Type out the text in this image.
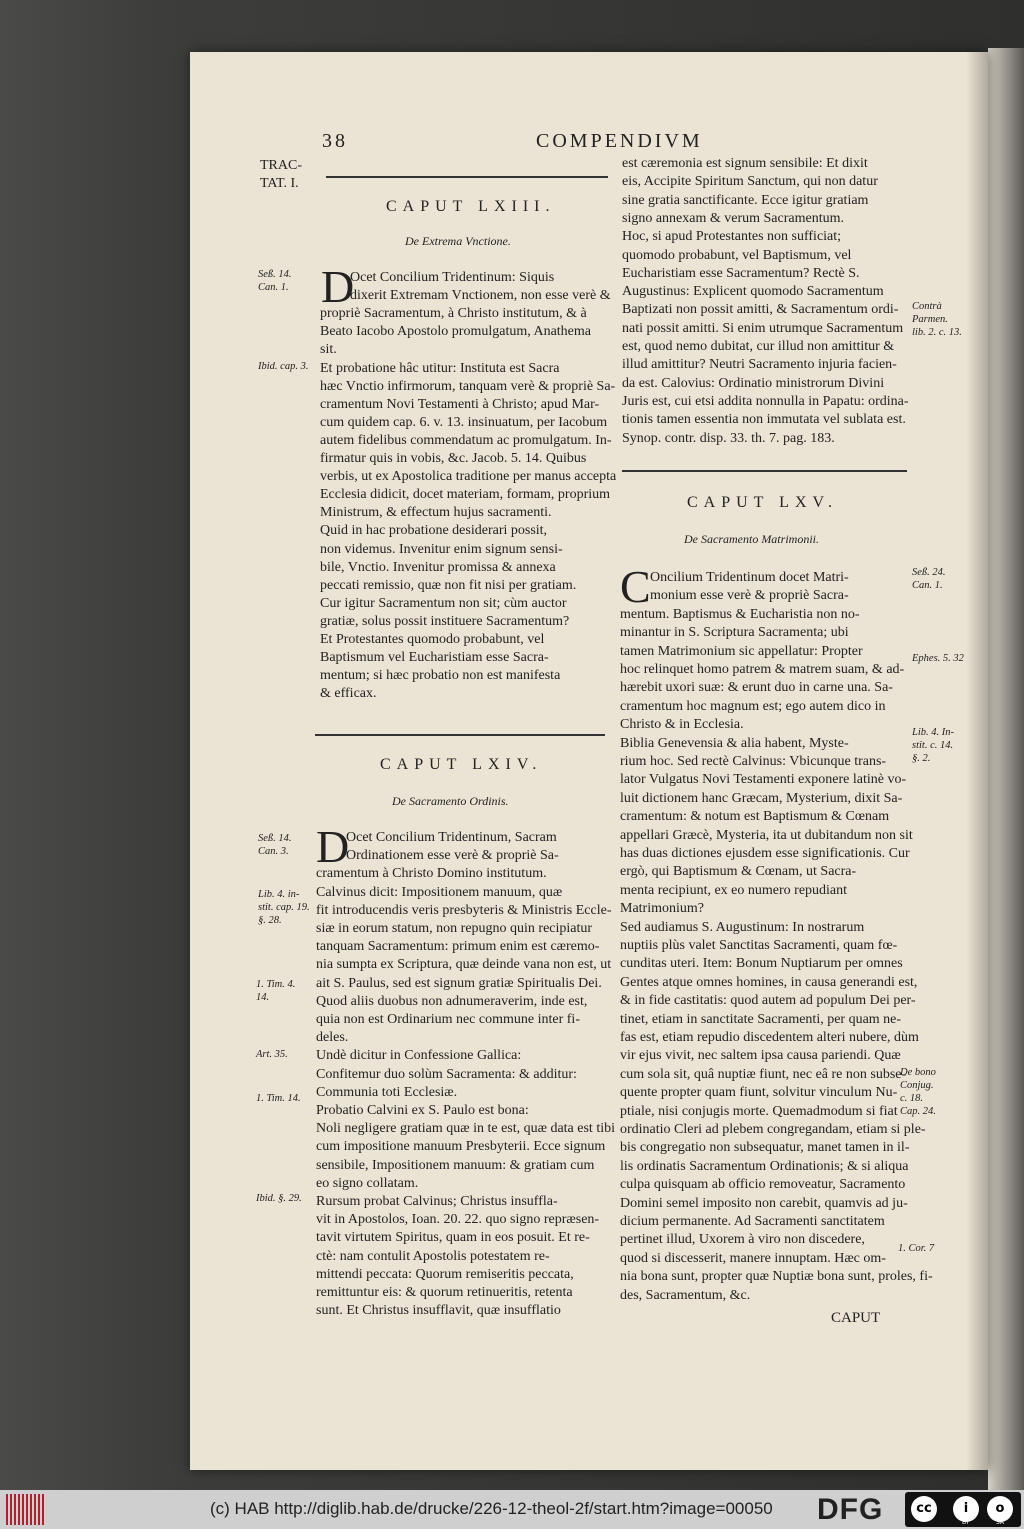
38	COMPENDIVM
TRAC-
TAT. I.
CAPUT LXIII.
De Extrema Vnctione.
D
Ocet Concilium Tridentinum: Siquis
dixerit Extremam Vnctionem, non esse verè &
propriè Sacramentum, à Christo institutum, & à
Beato Iacobo Apostolo promulgatum, Anathema
sit.
Et probatione hâc utitur: Instituta est Sacra
hæc Vnctio infirmorum, tanquam verè & propriè Sa-
cramentum Novi Testamenti à Christo; apud Mar-
cum quidem cap. 6. v. 13. insinuatum, per Iacobum
autem fidelibus commendatum ac promulgatum. In-
firmatur quis in vobis, &c. Jacob. 5. 14. Quibus
verbis, ut ex Apostolica traditione per manus accepta
Ecclesia didicit, docet materiam, formam, proprium
Ministrum, & effectum hujus sacramenti.
Quid in hac probatione desiderari possit,
non videmus. Invenitur enim signum sensi-
bile, Vnctio. Invenitur promissa & annexa
peccati remissio, quæ non fit nisi per gratiam.
Cur igitur Sacramentum non sit; cùm auctor
gratiæ, solus possit instituere Sacramentum?
Et Protestantes quomodo probabunt, vel
Baptismum vel Eucharistiam esse Sacra-
mentum; si hæc probatio non est manifesta
& efficax.
CAPUT LXIV.
De Sacramento Ordinis.
D
Ocet Concilium Tridentinum, Sacram
Ordinationem esse verè & propriè Sa-
cramentum à Christo Domino institutum.
Calvinus dicit: Impositionem manuum, quæ
fit introducendis veris presbyteris & Ministris Eccle-
siæ in eorum statum, non repugno quin recipiatur
tanquam Sacramentum: primum enim est cæremo-
nia sumpta ex Scriptura, quæ deinde vana non est, ut
ait S. Paulus, sed est signum gratiæ Spiritualis Dei.
Quod aliis duobus non adnumeraverim, inde est,
quia non est Ordinarium nec commune inter fi-
deles.
Undè dicitur in Confessione Gallica:
Confitemur duo solùm Sacramenta: & additur:
Communia toti Ecclesiæ.
Probatio Calvini ex S. Paulo est bona:
Noli negligere gratiam quæ in te est, quæ data est tibi
cum impositione manuum Presbyterii. Ecce signum
sensibile, Impositionem manuum: & gratiam cum
eo signo collatam.
Rursum probat Calvinus; Christus insuffla-
vit in Apostolos, Ioan. 20. 22. quo signo repræsen-
tavit virtutem Spiritus, quam in eos posuit. Et re-
ctè: nam contulit Apostolis potestatem re-
mittendi peccata: Quorum remiseritis peccata,
remittuntur eis: & quorum retinueritis, retenta
sunt. Et Christus insufflavit, quæ insufflatio
est cæremonia est signum sensibile: Et dixit
eis, Accipite Spiritum Sanctum, qui non datur
sine gratia sanctificante. Ecce igitur gratiam
signo annexam & verum Sacramentum.
Hoc, si apud Protestantes non sufficiat;
quomodo probabunt, vel Baptismum, vel
Eucharistiam esse Sacramentum? Rectè S.
Augustinus: Explicent quomodo Sacramentum
Baptizati non possit amitti, & Sacramentum ordi-
nati possit amitti. Si enim utrumque Sacramentum
est, quod nemo dubitat, cur illud non amittitur &
illud amittitur? Neutri Sacramento injuria facien-
da est. Calovius: Ordinatio ministrorum Divini
Juris est, cui etsi addita nonnulla in Papatu: ordina-
tionis tamen essentia non immutata vel sublata est.
Synop. contr. disp. 33. th. 7. pag. 183.
CAPUT LXV.
De Sacramento Matrimonii.
C Oncilium Tridentinum docet Matri-
monium esse verè & propriè Sacra-
mentum. Baptismus & Eucharistia non no-
minantur in S. Scriptura Sacramenta; ubi
tamen Matrimonium sic appellatur: Propter
hoc relinquet homo patrem & matrem suam, & ad-
hærebit uxori suæ: & erunt duo in carne una. Sa-
cramentum hoc magnum est; ego autem dico in
Christo & in Ecclesia.
Biblia Genevensia & alia habent, Myste-
rium hoc. Sed rectè Calvinus: Vbicunque trans-
lator Vulgatus Novi Testamenti exponere latinè vo-
luit dictionem hanc Græcam, Mysterium, dixit Sa-
cramentum: & notum est Baptismum & Cœnam
appellari Græcè, Mysteria, ita ut dubitandum non sit
has duas dictiones ejusdem esse significationis. Cur
ergò, qui Baptismum & Cœnam, ut Sacra-
menta recipiunt, ex eo numero repudiant
Matrimonium?
Sed audiamus S. Augustinum: In nostrarum
nuptiis plùs valet Sanctitas Sacramenti, quam fœ-
cunditas uteri. Item: Bonum Nuptiarum per omnes
Gentes atque omnes homines, in causa generandi est,
& in fide castitatis: quod autem ad populum Dei per-
tinet, etiam in sanctitate Sacramenti, per quam ne-
fas est, etiam repudio discedentem alteri nubere, dùm
vir ejus vivit, nec saltem ipsa causa pariendi. Quæ
cum sola sit, quâ nuptiæ fiunt, nec eâ re non subse-
quente propter quam fiunt, solvitur vinculum Nu-
ptiale, nisi conjugis morte. Quemadmodum si fiat
ordinatio Cleri ad plebem congregandam, etiam si ple-
bis congregatio non subsequatur, manet tamen in il-
lis ordinatis Sacramentum Ordinationis; & si aliqua
culpa quisquam ab officio removeatur, Sacramento
Domini semel imposito non carebit, quamvis ad ju-
dicium permanente. Ad Sacramenti sanctitatem
pertinet illud, Uxorem à viro non discedere,
quod si discesserit, manere innuptam. Hæc om-
nia bona sunt, propter quæ Nuptiæ bona sunt, proles, fi-
des, Sacramentum, &c.
CAPUT
Seß. 14.
Can. 1.
Ibid. cap. 3.
Seß. 14.
Can. 3.
Lib. 4. in-
stit. cap. 19.
§. 28.
1. Tim. 4.
14.
Art. 35.
1. Tim. 14.
Ibid. §. 29.
Contrà
Parmen.
lib. 2. c. 13.
Seß. 24.
Can. 1.
Ephes. 5. 32
Lib. 4. In-
stit. c. 14.
§. 2.
De bono
Conjug.
c. 18.
Cap. 24.
1. Cor. 7
(c) HAB http://diglib.hab.de/drucke/226-12-theol-2f/start.htm?image=00050 DFG	cc	i	o
BY	SA
